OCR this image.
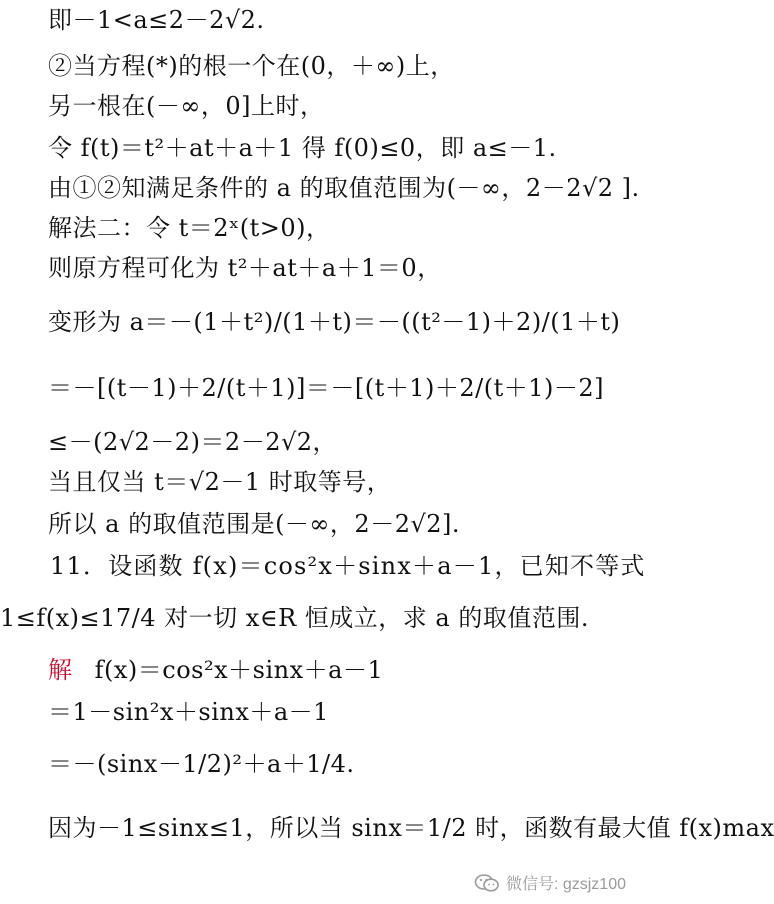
即－1<a≤2－2√2.
②当方程(*)的根一个在(0，＋∞)上，
另一根在(－∞，0]上时，
令 f(t)＝t²＋at＋a＋1 得 f(0)≤0，即 a≤－1.
由①②知满足条件的 a 的取值范围为(－∞，2－2√2 ].
解法二：令 t＝2ˣ(t>0)，
则原方程可化为 t²＋at＋a＋1＝0，
变形为 a＝－(1＋t²)/(1＋t)＝－((t²－1)＋2)/(1＋t)
＝－[(t－1)＋2/(t＋1)]＝－[(t＋1)＋2/(t＋1)－2]
≤－(2√2－2)＝2－2√2，
当且仅当 t＝√2－1 时取等号，
所以 a 的取值范围是(－∞，2－2√2].
11．设函数 f(x)＝cos²x＋sinx＋a－1，已知不等式
1≤f(x)≤17/4 对一切 x∈R 恒成立，求 a 的取值范围.
解 f(x)＝cos²x＋sinx＋a－1
＝1－sin²x＋sinx＋a－1
＝－(sinx－1/2)²＋a＋1/4.
因为－1≤sinx≤1，所以当 sinx＝1/2 时，函数有最大值 f(x)max
微信号: gzsjz100
